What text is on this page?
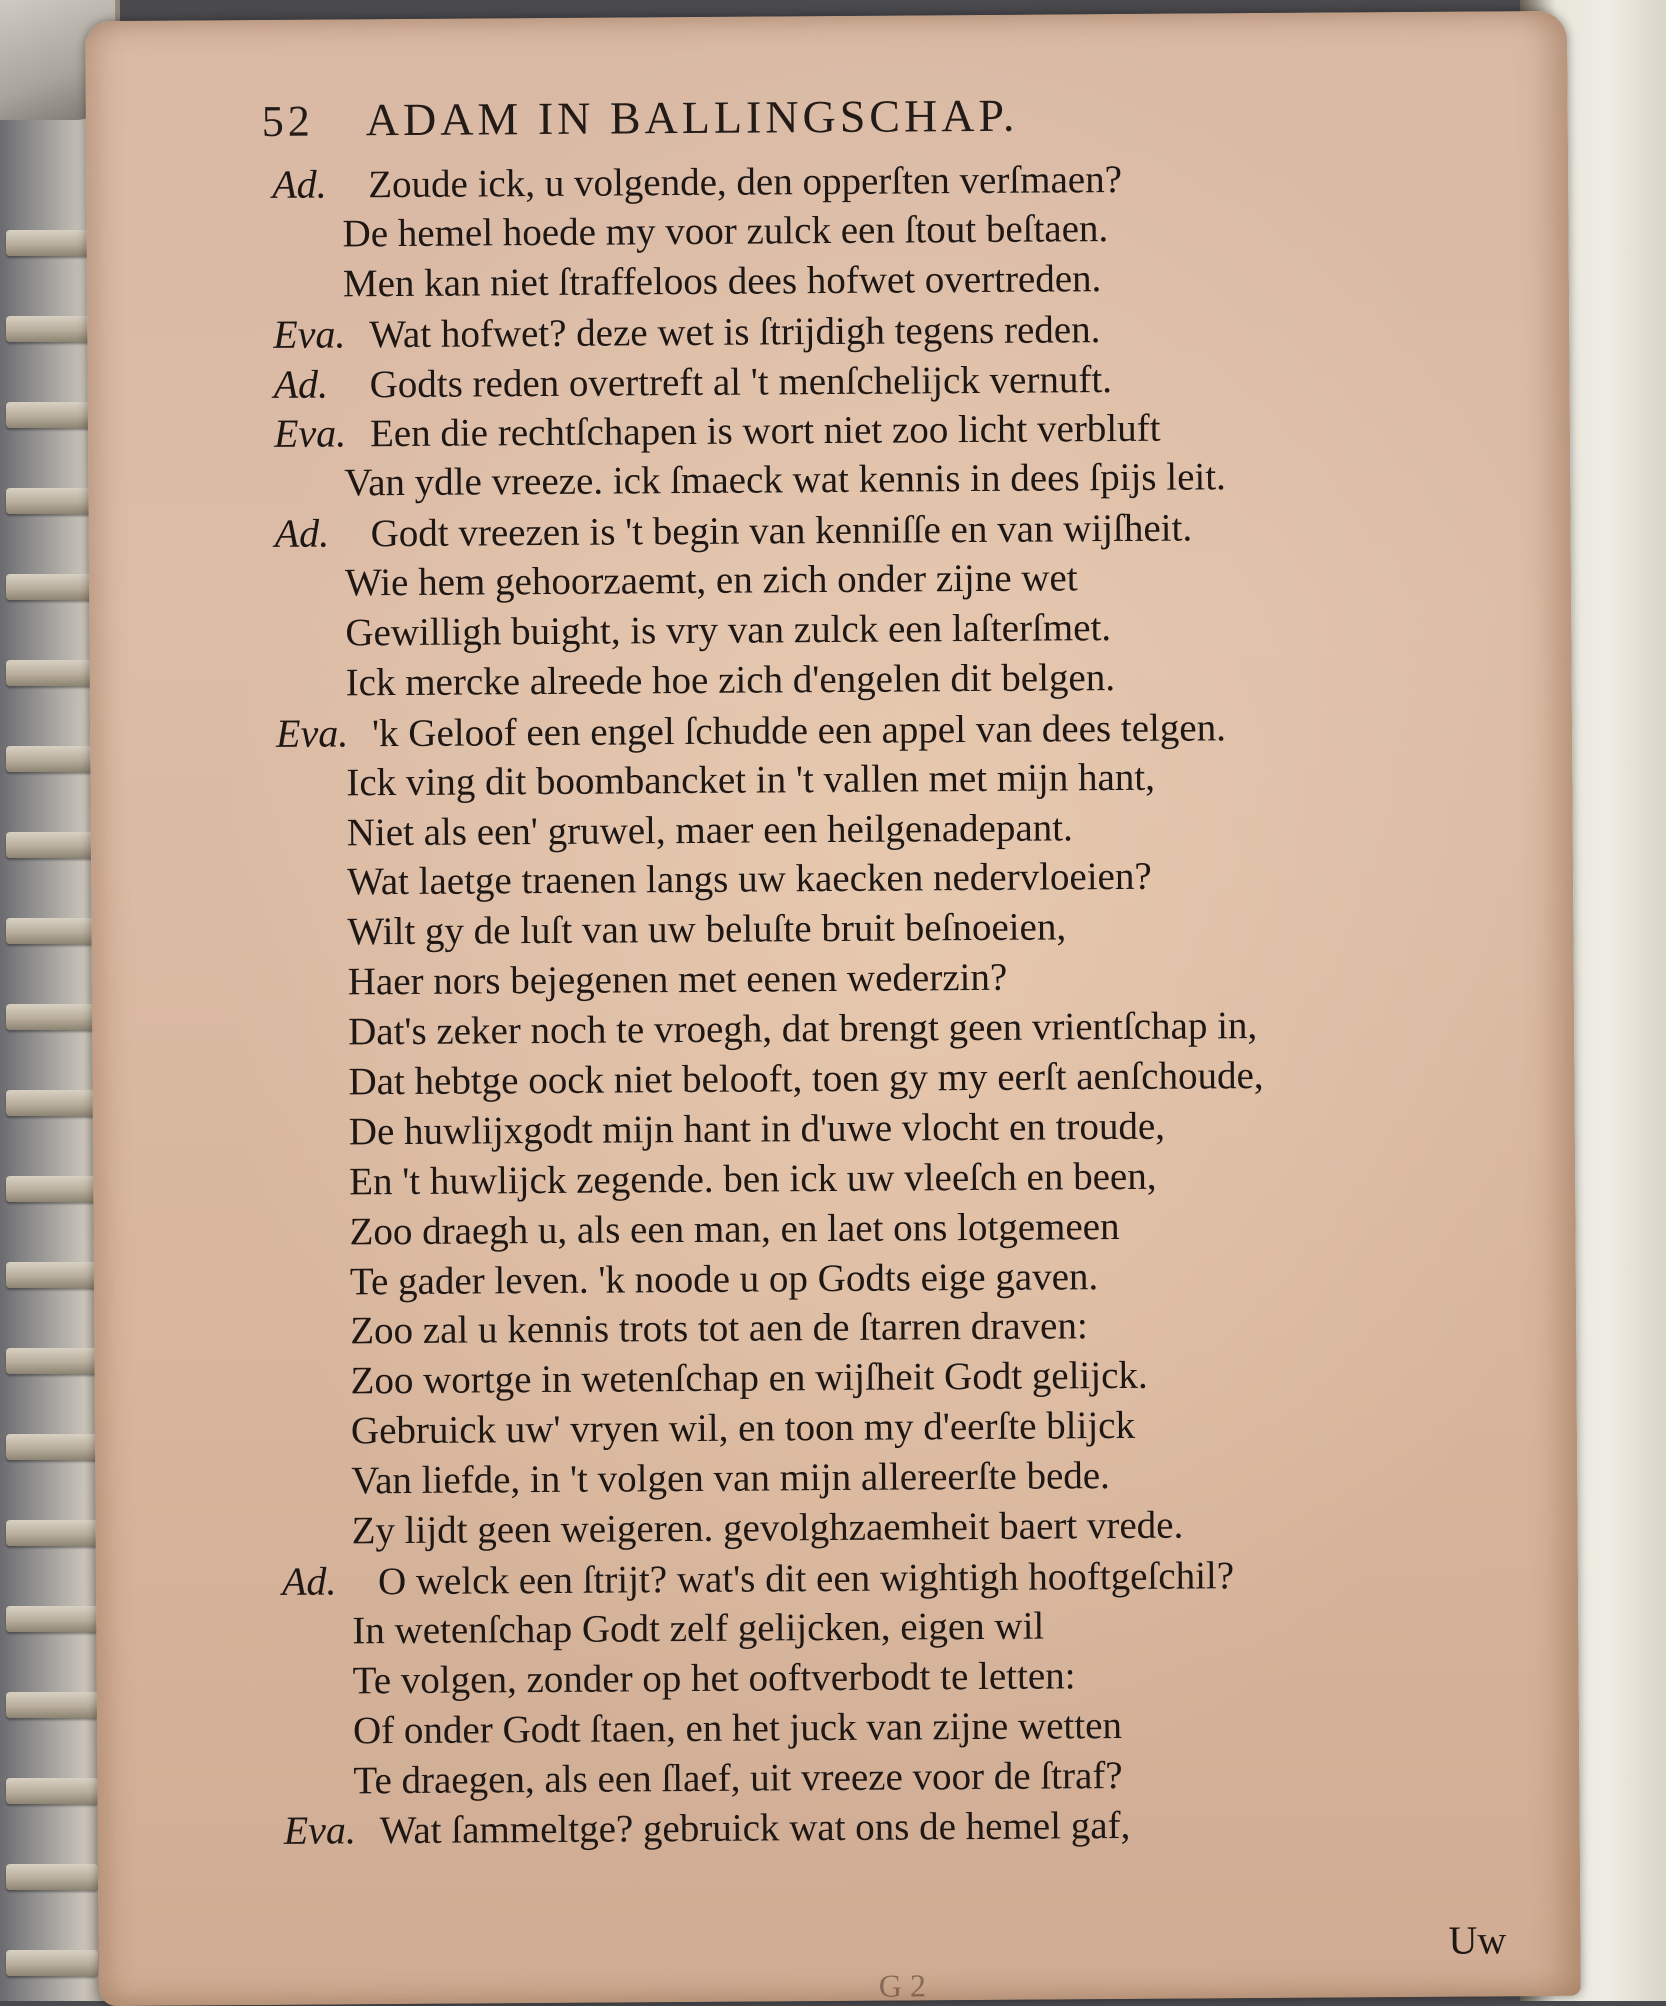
52 ADAM IN BALLINGSCHAP.
Ad. Zoude ick, u volgende, den opperſten verſmaen?
De hemel hoede my voor zulck een ſtout beſtaen.
Men kan niet ſtraffeloos dees hofwet overtreden.
Eva. Wat hofwet? deze wet is ſtrijdigh tegens reden.
Ad. Godts reden overtreft al 't menſchelijck vernuft.
Eva. Een die rechtſchapen is wort niet zoo licht verbluft
Van ydle vreeze. ick ſmaeck wat kennis in dees ſpijs leit.
Ad. Godt vreezen is 't begin van kenniſſe en van wijſheit.
Wie hem gehoorzaemt, en zich onder zijne wet
Gewilligh buight, is vry van zulck een laſterſmet.
Ick mercke alreede hoe zich d'engelen dit belgen.
Eva. 'k Geloof een engel ſchudde een appel van dees telgen.
Ick ving dit boombancket in 't vallen met mijn hant,
Niet als een' gruwel, maer een heilgenadepant.
Wat laetge traenen langs uw kaecken nedervloeien?
Wilt gy de luſt van uw beluſte bruit beſnoeien,
Haer nors bejegenen met eenen wederzin?
Dat's zeker noch te vroegh, dat brengt geen vrientſchap in,
Dat hebtge oock niet belooft, toen gy my eerſt aenſchoude,
De huwlijxgodt mijn hant in d'uwe vlocht en troude,
En 't huwlijck zegende. ben ick uw vleeſch en been,
Zoo draegh u, als een man, en laet ons lotgemeen
Te gader leven. 'k noode u op Godts eige gaven.
Zoo zal u kennis trots tot aen de ſtarren draven:
Zoo wortge in wetenſchap en wijſheit Godt gelijck.
Gebruick uw' vryen wil, en toon my d'eerſte blijck
Van liefde, in 't volgen van mijn allereerſte bede.
Zy lijdt geen weigeren. gevolghzaemheit baert vrede.
Ad. O welck een ſtrijt? wat's dit een wightigh hooftgeſchil?
In wetenſchap Godt zelf gelijcken, eigen wil
Te volgen, zonder op het ooftverbodt te letten:
Of onder Godt ſtaen, en het juck van zijne wetten
Te draegen, als een ſlaef, uit vreeze voor de ſtraf?
Eva. Wat ſammeltge? gebruick wat ons de hemel gaf,
Uw
G 2
